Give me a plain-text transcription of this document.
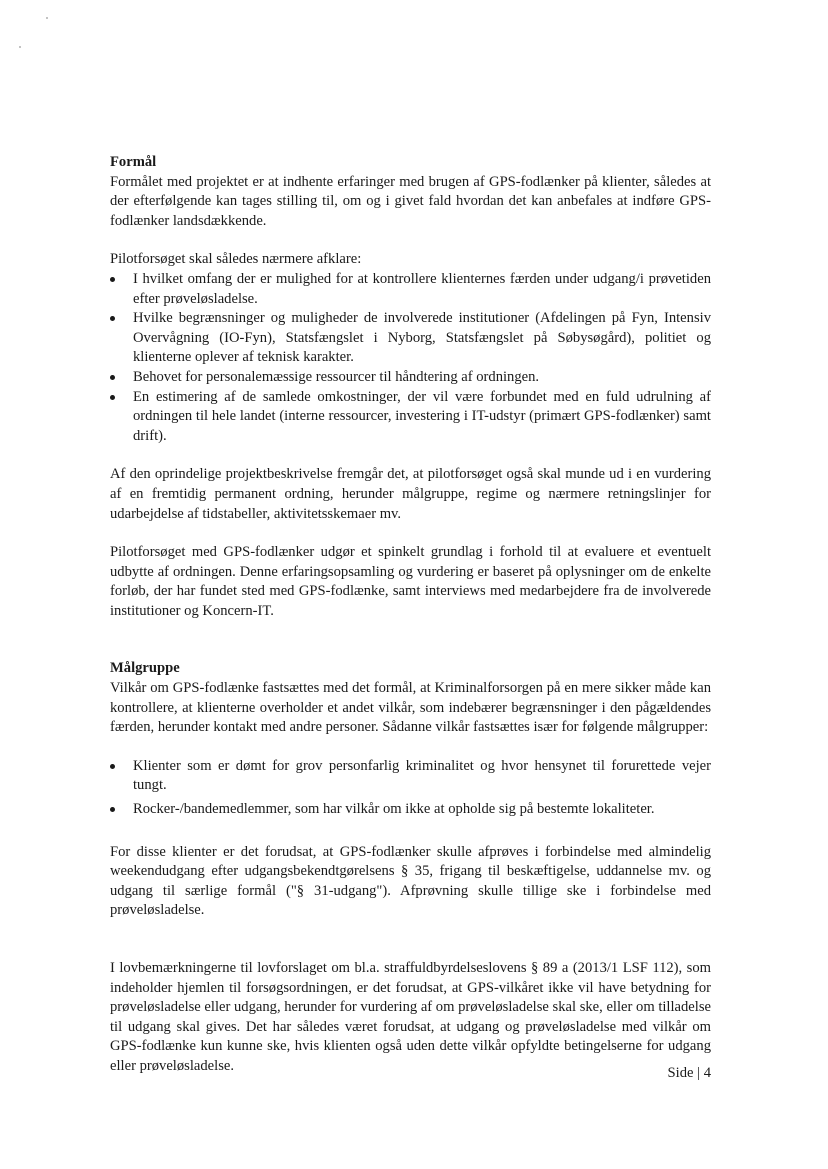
Formål

Formålet med projektet er at indhente erfaringer med brugen af GPS-fodlænker på klienter, således at der efterfølgende kan tages stilling til, om og i givet fald hvordan det kan anbefales at indføre GPS-fodlænker landsdækkende.

Pilotforsøget skal således nærmere afklare:

I hvilket omfang der er mulighed for at kontrollere klienternes færden under udgang/i prøvetiden efter prøveløsladelse.
Hvilke begrænsninger og muligheder de involverede institutioner (Afdelingen på Fyn, Intensiv Overvågning (IO-Fyn), Statsfængslet i Nyborg, Statsfængslet på Søbysøgård), politiet og klienterne oplever af teknisk karakter.
Behovet for personalemæssige ressourcer til håndtering af ordningen.
En estimering af de samlede omkostninger, der vil være forbundet med en fuld udrulning af ordningen til hele landet (interne ressourcer, investering i IT-udstyr (primært GPS-fodlænker) samt drift).

Af den oprindelige projektbeskrivelse fremgår det, at pilotforsøget også skal munde ud i en vurdering af en fremtidig permanent ordning, herunder målgruppe, regime og nærmere retningslinjer for udarbejdelse af tidstabeller, aktivitetsskemaer mv.

Pilotforsøget med GPS-fodlænker udgør et spinkelt grundlag i forhold til at evaluere et eventuelt udbytte af ordningen. Denne erfaringsopsamling og vurdering er baseret på oplysninger om de enkelte forløb, der har fundet sted med GPS-fodlænke, samt interviews med medarbejdere fra de involverede institutioner og Koncern-IT.

Målgruppe

Vilkår om GPS-fodlænke fastsættes med det formål, at Kriminalforsorgen på en mere sikker måde kan kontrollere, at klienterne overholder et andet vilkår, som indebærer begrænsninger i den pågældendes færden, herunder kontakt med andre personer. Sådanne vilkår fastsættes især for følgende målgrupper:

Klienter som er dømt for grov personfarlig kriminalitet og hvor hensynet til forurettede vejer tungt.
Rocker-/bandemedlemmer, som har vilkår om ikke at opholde sig på bestemte lokaliteter.

For disse klienter er det forudsat, at GPS-fodlænker skulle afprøves i forbindelse med almindelig weekendudgang efter udgangsbekendtgørelsens § 35, frigang til beskæftigelse, uddannelse mv. og udgang til særlige formål ("§ 31-udgang"). Afprøvning skulle tillige ske i forbindelse med prøveløsladelse.

I lovbemærkningerne til lovforslaget om bl.a. straffuldbyrdelseslovens § 89 a (2013/1 LSF 112), som indeholder hjemlen til forsøgsordningen, er det forudsat, at GPS-vilkåret ikke vil have betydning for prøveløsladelse eller udgang, herunder for vurdering af om prøveløsladelse skal ske, eller om tilladelse til udgang skal gives. Det har således været forudsat, at udgang og prøveløsladelse med vilkår om GPS-fodlænke kun kunne ske, hvis klienten også uden dette vilkår opfyldte betingelserne for udgang eller prøveløsladelse.	Side | 4
